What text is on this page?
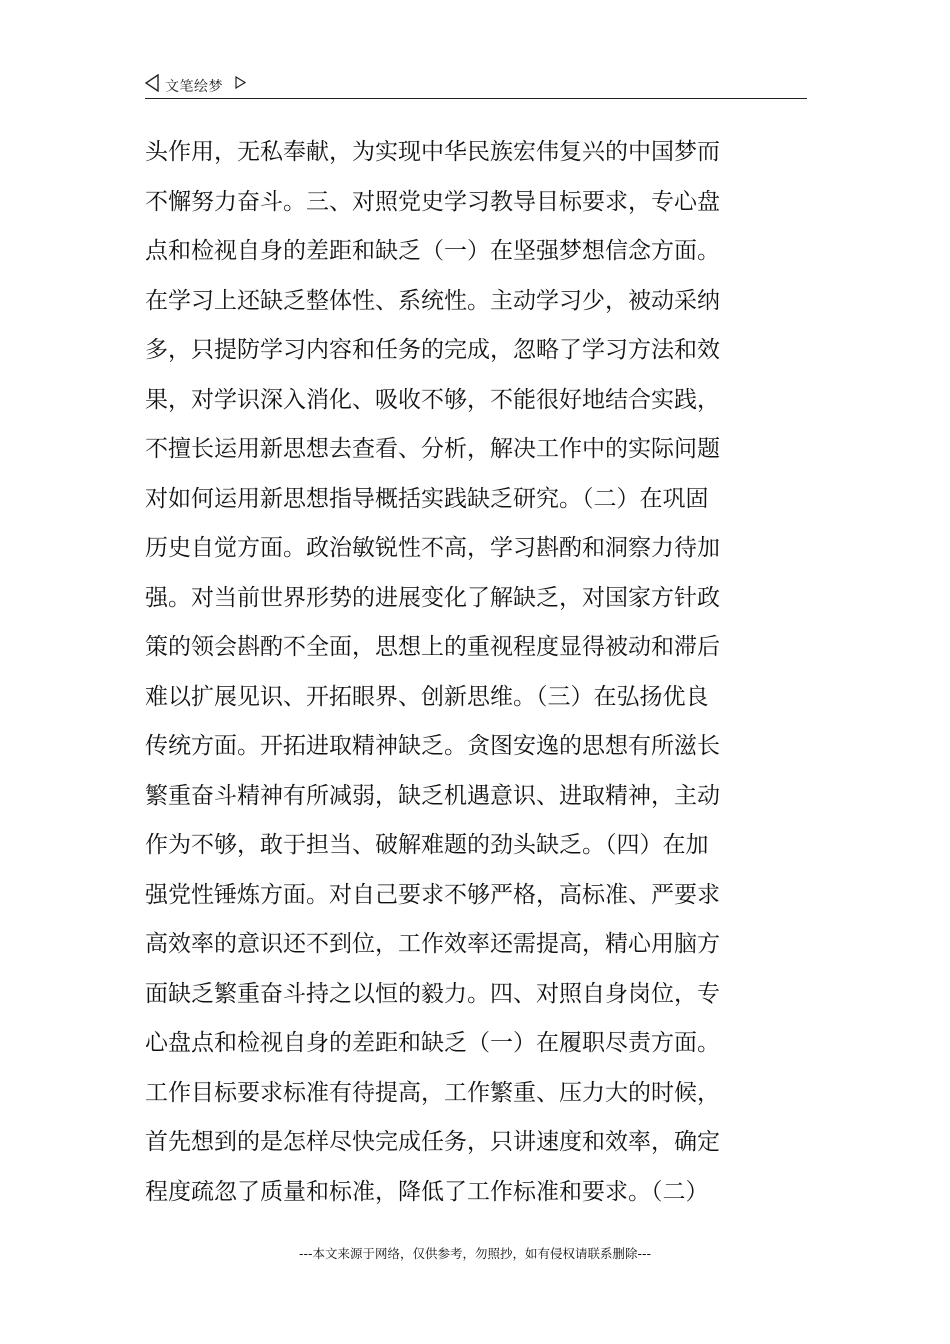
文笔绘梦
头作用，无私奉献，为实现中华民族宏伟复兴的中国梦而
不懈努力奋斗。三、对照党史学习教导目标要求，专心盘
点和检视自身的差距和缺乏（一）在坚强梦想信念方面。
在学习上还缺乏整体性、系统性。主动学习少，被动采纳
多，只提防学习内容和任务的完成，忽略了学习方法和效
果，对学识深入消化、吸收不够，不能很好地结合实践，
不擅长运用新思想去查看、分析，解决工作中的实际问题
对如何运用新思想指导概括实践缺乏研究。（二）在巩固
历史自觉方面。政治敏锐性不高，学习斟酌和洞察力待加
强。对当前世界形势的进展变化了解缺乏，对国家方针政
策的领会斟酌不全面，思想上的重视程度显得被动和滞后
难以扩展见识、开拓眼界、创新思维。（三）在弘扬优良
传统方面。开拓进取精神缺乏。贪图安逸的思想有所滋长
繁重奋斗精神有所减弱，缺乏机遇意识、进取精神，主动
作为不够，敢于担当、破解难题的劲头缺乏。（四）在加
强党性锤炼方面。对自己要求不够严格，高标准、严要求
高效率的意识还不到位，工作效率还需提高，精心用脑方
面缺乏繁重奋斗持之以恒的毅力。四、对照自身岗位，专
心盘点和检视自身的差距和缺乏（一）在履职尽责方面。
工作目标要求标准有待提高，工作繁重、压力大的时候，
首先想到的是怎样尽快完成任务，只讲速度和效率，确定
程度疏忽了质量和标准，降低了工作标准和要求。（二）
---本文来源于网络，仅供参考，勿照抄，如有侵权请联系删除---
